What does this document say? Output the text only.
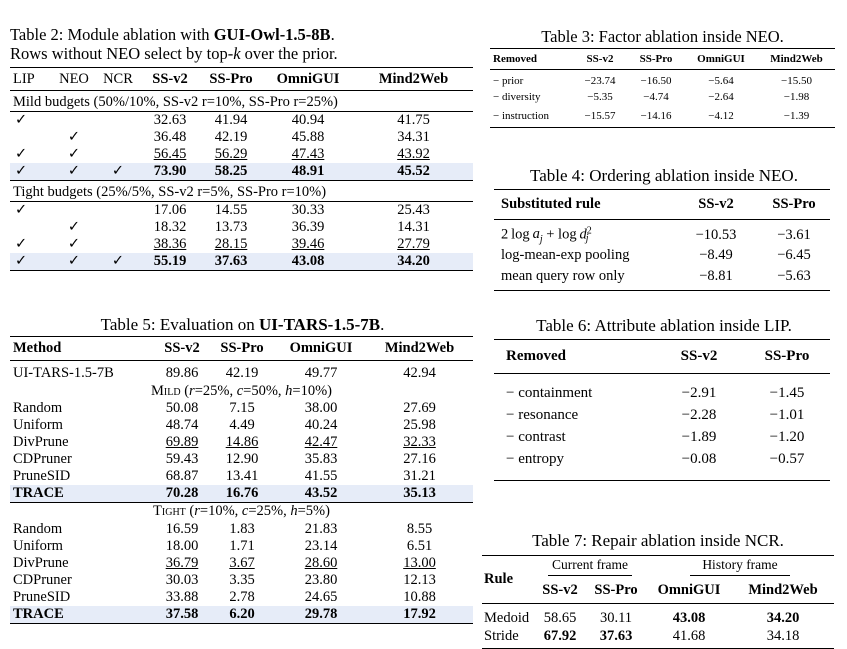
Table 2: Module ablation with GUI-Owl-1.5-8B.
Rows without NEO select by top-k over the prior.
LIP	NEO	NCR	SS-v2	SS-Pro	OmniGUI	Mind2Web
Mild budgets (50%/10%, SS-v2 r=10%, SS-Pro r=25%)						
✓			32.63	41.94	40.94	41.75
	✓		36.48	42.19	45.88	34.31
✓	✓		56.45	56.29	47.43	43.92
✓	✓	✓	73.90	58.25	48.91	45.52
Tight budgets (25%/5%, SS-v2 r=5%, SS-Pro r=10%)						
✓			17.06	14.55	30.33	25.43
	✓		18.32	13.73	36.39	14.31
✓	✓		38.36	28.15	39.46	27.79
✓	✓	✓	55.19	37.63	43.08	34.20
Table 3: Factor ablation inside NEO.
Removed	SS-v2	SS-Pro	OmniGUI	Mind2Web
− prior	−23.74	−16.50	−5.64	−15.50
− diversity	−5.35	−4.74	−2.64	−1.98
− instruction	−15.57	−14.16	−4.12	−1.39
Table 4: Ordering ablation inside NEO.
Substituted rule	SS-v2	SS-Pro
2 $\log a_j + \log d^2_j$	−10.53	−3.61
log-mean-exp pooling	−8.49	−6.45
mean query row only	−8.81	−5.63
Table 5: Evaluation on UI-TARS-1.5-7B.
Method	SS-v2	SS-Pro	OmniGUI	Mind2Web
UI-TARS-1.5-7B	89.86	42.19	49.77	42.94
Mild (r=25%, c=50%, h=10%)				
Random	50.08	7.15	38.00	27.69
Uniform	48.74	4.49	40.24	25.98
DivPrune	69.89	14.86	42.47	32.33
CDPruner	59.43	12.90	35.83	27.16
PruneSID	68.87	13.41	41.55	31.21
TRACE	70.28	16.76	43.52	35.13
Tight (r=10%, c=25%, h=5%)				
Random	16.59	1.83	21.83	8.55
Uniform	18.00	1.71	23.14	6.51
DivPrune	36.79	3.67	28.60	13.00
CDPruner	30.03	3.35	23.80	12.13
PruneSID	33.88	2.78	24.65	10.88
TRACE	37.58	6.20	29.78	17.92
Table 6: Attribute ablation inside LIP.
Removed	SS-v2	SS-Pro
− containment	−2.91	−1.45
− resonance	−2.28	−1.01
− contrast	−1.89	−1.20
− entropy	−0.08	−0.57
Table 7: Repair ablation inside NCR.
Rule	Current frame		History frame	
	SS-v2	SS-Pro	OmniGUI	Mind2Web
Medoid	58.65	30.11	43.08	34.20
Stride	67.92	37.63	41.68	34.18
